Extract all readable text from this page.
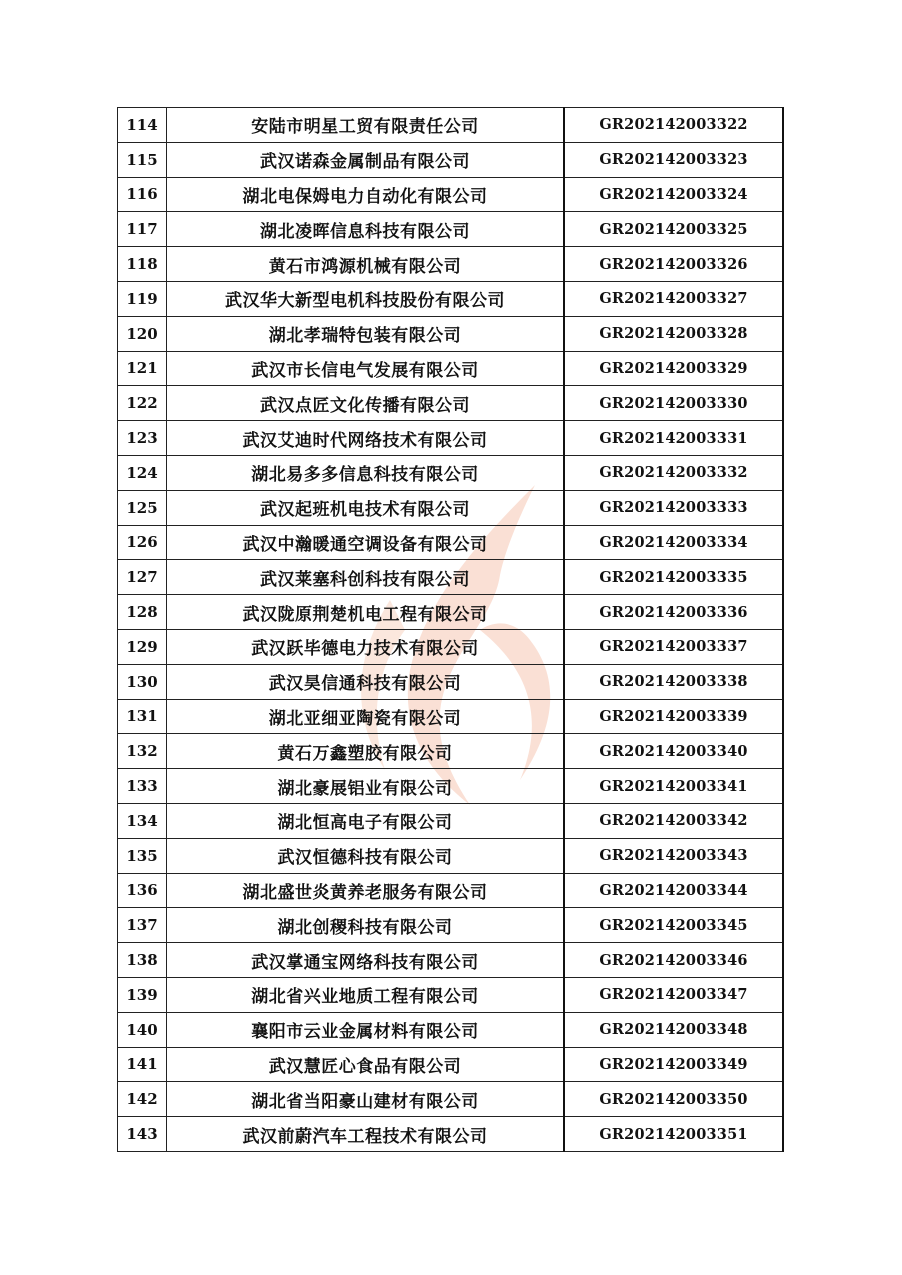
114	安陆市明星工贸有限责任公司	GR202142003322
115	武汉诺森金属制品有限公司	GR202142003323
116	湖北电保姆电力自动化有限公司	GR202142003324
117	湖北凌晖信息科技有限公司	GR202142003325
118	黄石市鸿源机械有限公司	GR202142003326
119	武汉华大新型电机科技股份有限公司	GR202142003327
120	湖北孝瑞特包装有限公司	GR202142003328
121	武汉市长信电气发展有限公司	GR202142003329
122	武汉点匠文化传播有限公司	GR202142003330
123	武汉艾迪时代网络技术有限公司	GR202142003331
124	湖北易多多信息科技有限公司	GR202142003332
125	武汉起班机电技术有限公司	GR202142003333
126	武汉中瀚暖通空调设备有限公司	GR202142003334
127	武汉莱塞科创科技有限公司	GR202142003335
128	武汉陇原荆楚机电工程有限公司	GR202142003336
129	武汉跃毕德电力技术有限公司	GR202142003337
130	武汉昊信通科技有限公司	GR202142003338
131	湖北亚细亚陶瓷有限公司	GR202142003339
132	黄石万鑫塑胶有限公司	GR202142003340
133	湖北豪展铝业有限公司	GR202142003341
134	湖北恒高电子有限公司	GR202142003342
135	武汉恒德科技有限公司	GR202142003343
136	湖北盛世炎黄养老服务有限公司	GR202142003344
137	湖北创稷科技有限公司	GR202142003345
138	武汉掌通宝网络科技有限公司	GR202142003346
139	湖北省兴业地质工程有限公司	GR202142003347
140	襄阳市云业金属材料有限公司	GR202142003348
141	武汉慧匠心食品有限公司	GR202142003349
142	湖北省当阳豪山建材有限公司	GR202142003350
143	武汉前蔚汽车工程技术有限公司	GR202142003351
